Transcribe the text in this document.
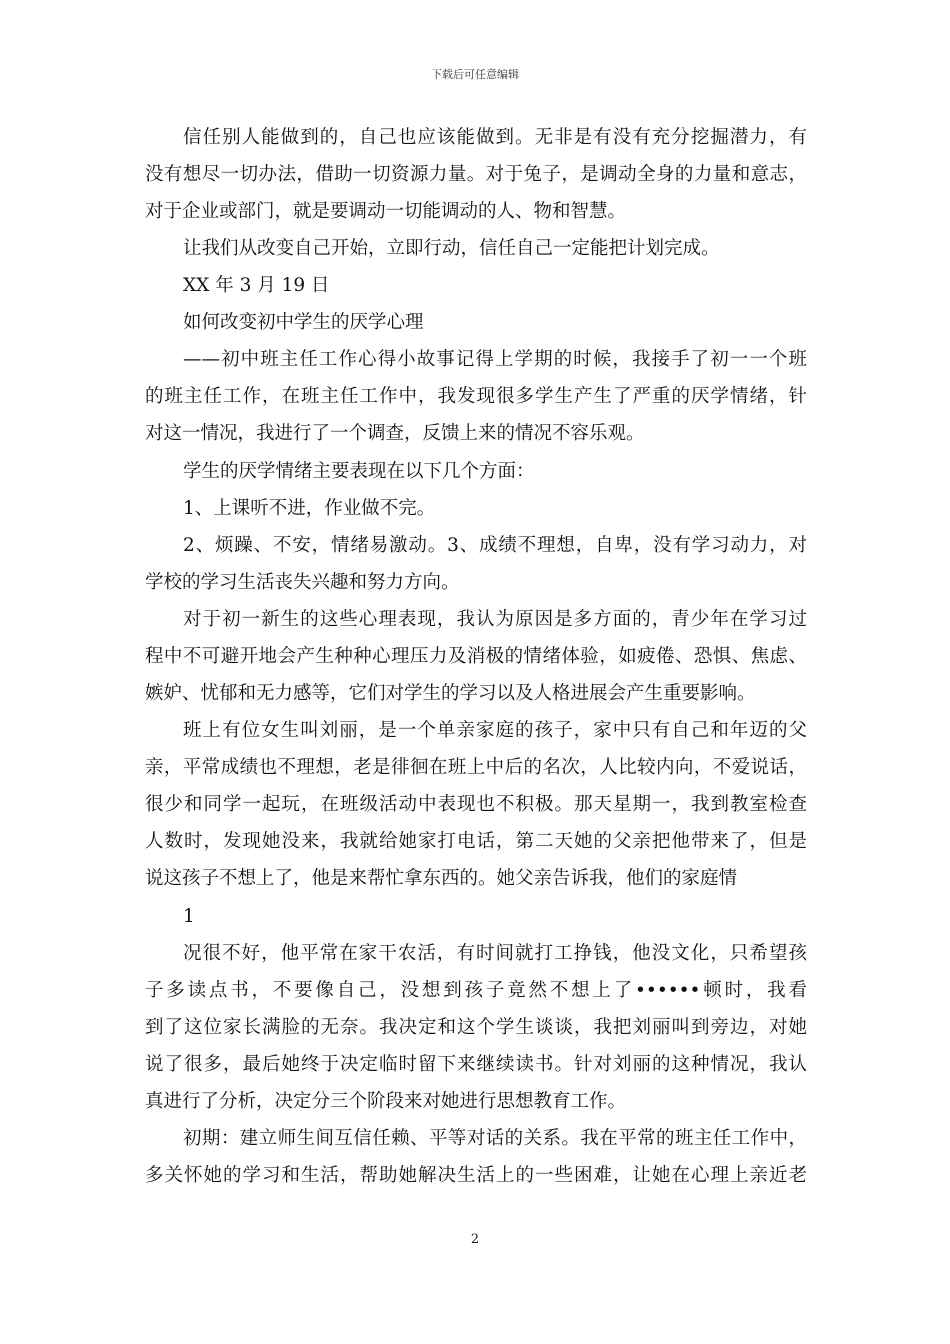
下载后可任意编辑
信任别人能做到的，自己也应该能做到。无非是有没有充分挖掘潜力，有
没有想尽一切办法，借助一切资源力量。对于兔子，是调动全身的力量和意志，
对于企业或部门，就是要调动一切能调动的人、物和智慧。
让我们从改变自己开始，立即行动，信任自己一定能把计划完成。
XX 年 3 月 19 日
如何改变初中学生的厌学心理
——初中班主任工作心得小故事记得上学期的时候，我接手了初一一个班
的班主任工作，在班主任工作中，我发现很多学生产生了严重的厌学情绪，针
对这一情况，我进行了一个调查，反馈上来的情况不容乐观。
学生的厌学情绪主要表现在以下几个方面：
1、上课听不进，作业做不完。
2、烦躁、不安，情绪易激动。3、成绩不理想，自卑，没有学习动力，对
学校的学习生活丧失兴趣和努力方向。
对于初一新生的这些心理表现，我认为原因是多方面的，青少年在学习过
程中不可避开地会产生种种心理压力及消极的情绪体验，如疲倦、恐惧、焦虑、
嫉妒、忧郁和无力感等，它们对学生的学习以及人格进展会产生重要影响。
班上有位女生叫刘丽，是一个单亲家庭的孩子，家中只有自己和年迈的父
亲，平常成绩也不理想，老是徘徊在班上中后的名次，人比较内向，不爱说话，
很少和同学一起玩，在班级活动中表现也不积极。那天星期一，我到教室检查
人数时，发现她没来，我就给她家打电话，第二天她的父亲把他带来了，但是
说这孩子不想上了，他是来帮忙拿东西的。她父亲告诉我，他们的家庭情
1
况很不好，他平常在家干农活，有时间就打工挣钱，他没文化，只希望孩
子多读点书，不要像自己，没想到孩子竟然不想上了••••••顿时，我看
到了这位家长满脸的无奈。我决定和这个学生谈谈，我把刘丽叫到旁边，对她
说了很多，最后她终于决定临时留下来继续读书。针对刘丽的这种情况，我认
真进行了分析，决定分三个阶段来对她进行思想教育工作。
初期：建立师生间互信任赖、平等对话的关系。我在平常的班主任工作中，
多关怀她的学习和生活，帮助她解决生活上的一些困难，让她在心理上亲近老
2
